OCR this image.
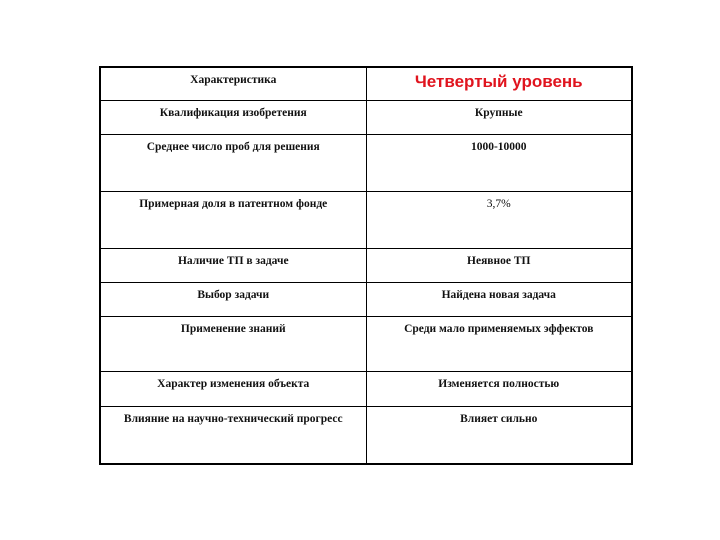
Характеристика	Четвертый уровень
Квалификация изобретения	Крупные
Среднее число проб для решения	1000-10000
Примерная доля в патентном фонде	3,7%
Наличие ТП в задаче	Неявное ТП
Выбор задачи	Найдена новая задача
Применение знаний	Среди мало применяемых эффектов
Характер изменения объекта	Изменяется полностью
Влияние на научно-технический прогресс	Влияет сильно
